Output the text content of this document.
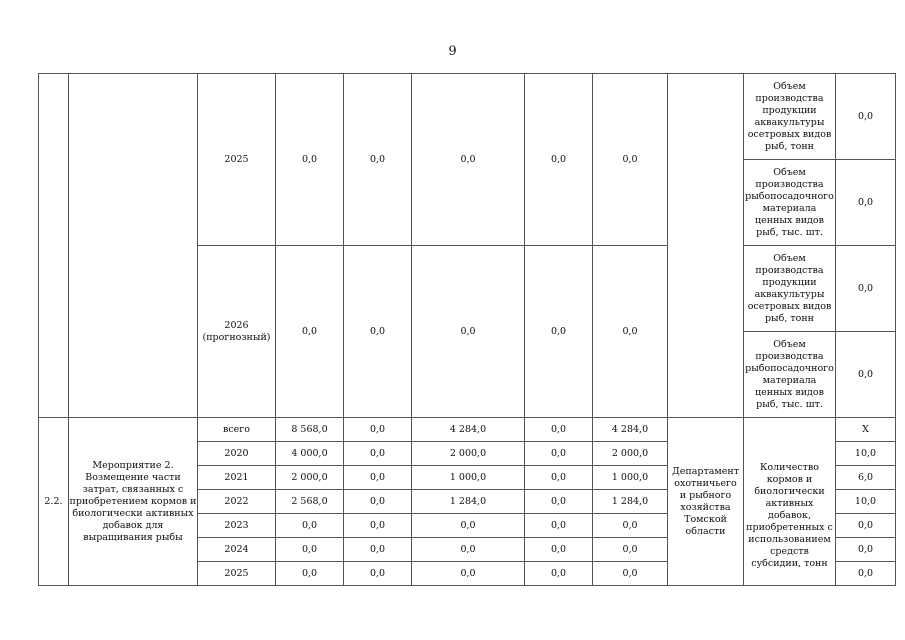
9
		2025	0,0	0,0	0,0	0,0	0,0		Объем производства продукции аквакультуры осетровых видов рыб, тонн	0,0
									Объем производства рыбопосадочного материала ценных видов рыб, тыс. шт.	0,0
		2026 (прогнозный)	0,0	0,0	0,0	0,0	0,0		Объем производства продукции аквакультуры осетровых видов рыб, тонн	0,0
									Объем производства рыбопосадочного материала ценных видов рыб, тыс. шт.	0,0
2.2.	Мероприятие 2. Возмещение части затрат, связанных с приобретением кормов и биологически активных добавок для выращивания рыбы	всего	8 568,0	0,0	4 284,0	0,0	4 284,0	Департамент охотничьего и рыбного хозяйства Томской области	Количество кормов и биологически активных добавок, приобретенных с использованием средств субсидии, тонн	Х
		2020	4 000,0	0,0	2 000,0	0,0	2 000,0			10,0
		2021	2 000,0	0,0	1 000,0	0,0	1 000,0			6,0
		2022	2 568,0	0,0	1 284,0	0,0	1 284,0			10,0
		2023	0,0	0,0	0,0	0,0	0,0			0,0
		2024	0,0	0,0	0,0	0,0	0,0			0,0
		2025	0,0	0,0	0,0	0,0	0,0			0,0
